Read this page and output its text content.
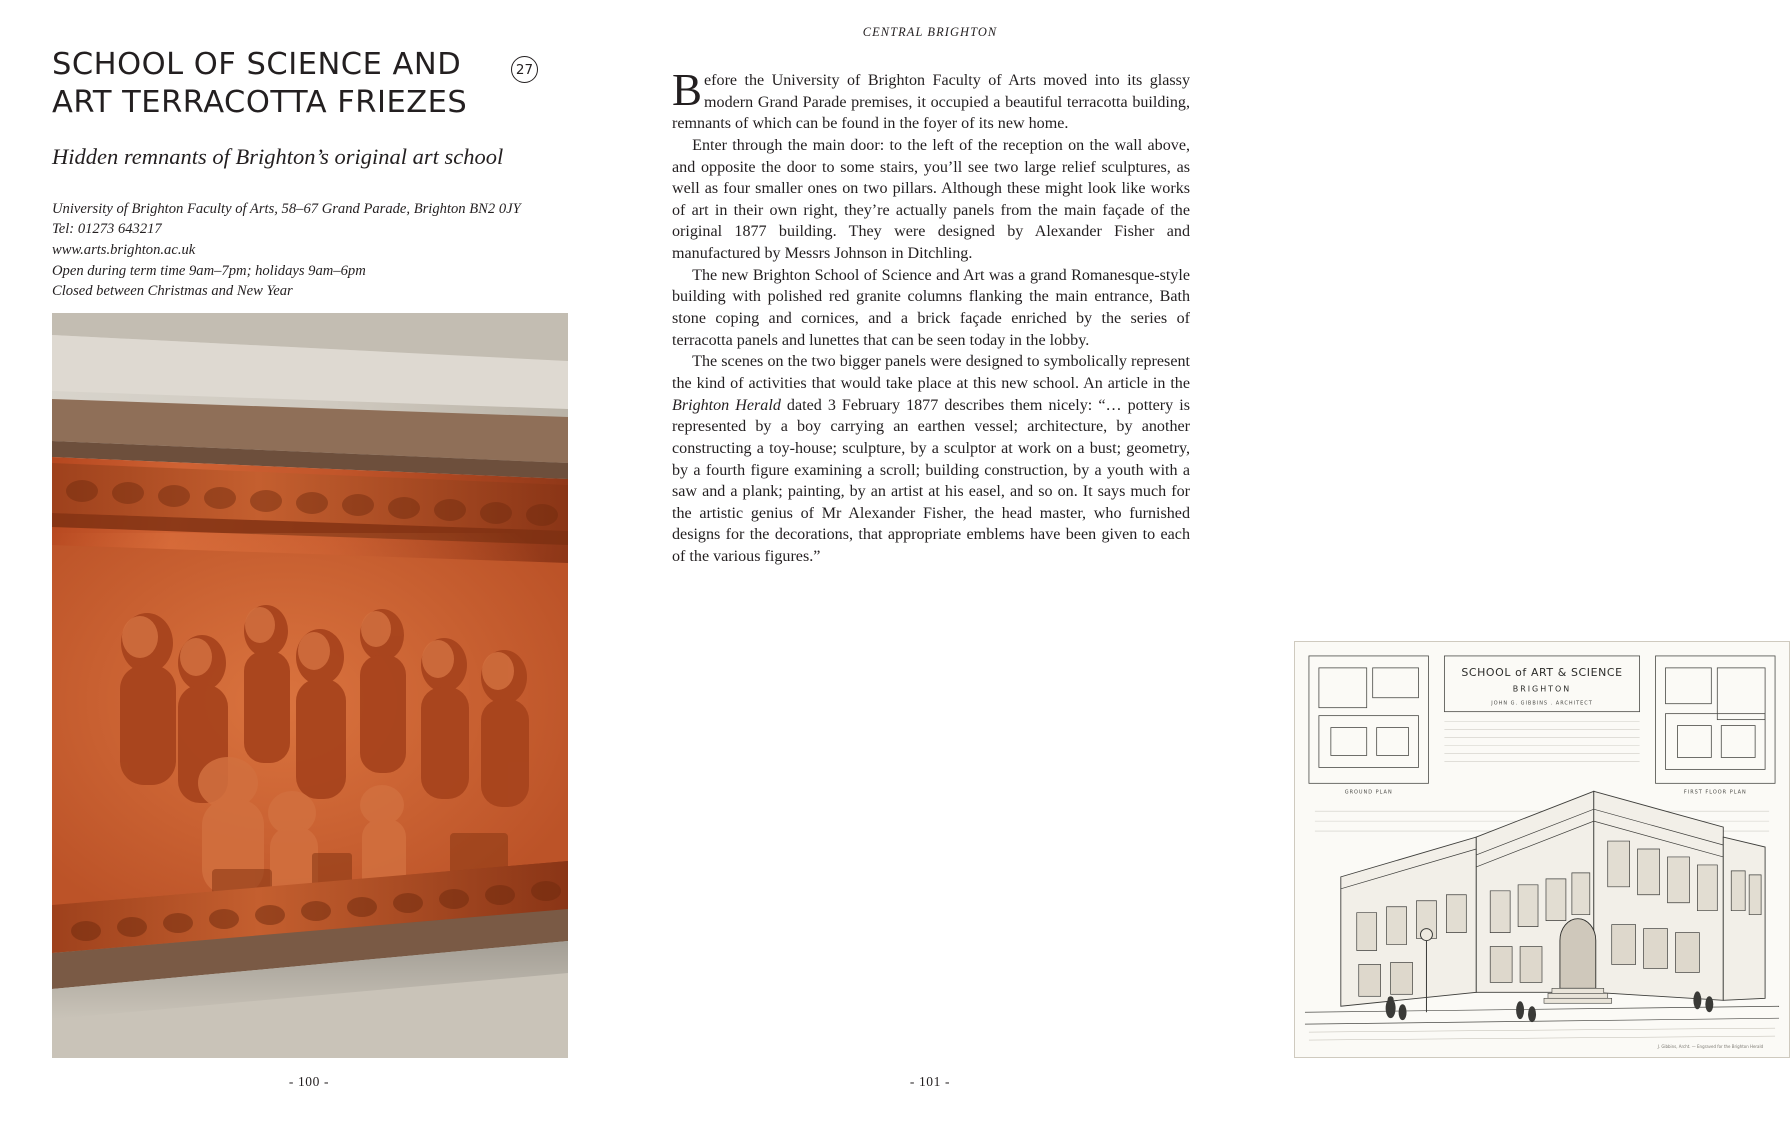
SCHOOL OF SCIENCE AND ART TERRACOTTA FRIEZES
27
Hidden remnants of Brighton’s original art school
University of Brighton Faculty of Arts, 58–67 Grand Parade, Brighton BN2 0JY
Tel: 01273 643217
www.arts.brighton.ac.uk
Open during term time 9am–7pm; holidays 9am–6pm
Closed between Christmas and New Year
- 100 -
CENTRAL BRIGHTON

Before the University of Brighton Faculty of Arts moved into its glassy modern Grand Parade premises, it occupied a beautiful terracotta building, remnants of which can be found in the foyer of its new home.

Enter through the main door: to the left of the reception on the wall above, and opposite the door to some stairs, you’ll see two large relief sculptures, as well as four smaller ones on two pillars. Although these might look like works of art in their own right, they’re actually panels from the main façade of the original 1877 building. They were designed by Alexander Fisher and manufactured by Messrs Johnson in Ditchling.

The new Brighton School of Science and Art was a grand Romanesque-style building with polished red granite columns flanking the main entrance, Bath stone coping and cornices, and a brick façade enriched by the series of terracotta panels and lunettes that can be seen today in the lobby.

The scenes on the two bigger panels were designed to symbolically represent the kind of activities that would take place at this new school. An article in the Brighton Herald dated 3 February 1877 describes them nicely: “… pottery is represented by a boy carrying an earthen vessel; architecture, by another constructing a toy-house; sculpture, by a sculptor at work on a bust; geometry, by a fourth figure examining a scroll; building construction, by a youth with a saw and a plank; painting, by an artist at his easel, and so on. It says much for the artistic genius of Mr Alexander Fisher, the head master, who furnished designs for the decorations, that appropriate emblems have been given to each of the various figures.”

SCHOOL of ART & SCIENCE
BRIGHTON
JOHN G. GIBBINS . ARCHITECT
GROUND PLAN	FIRST FLOOR PLAN
J. Gibbins, Archt. — Engraved for the Brighton Herald
- 101 -
